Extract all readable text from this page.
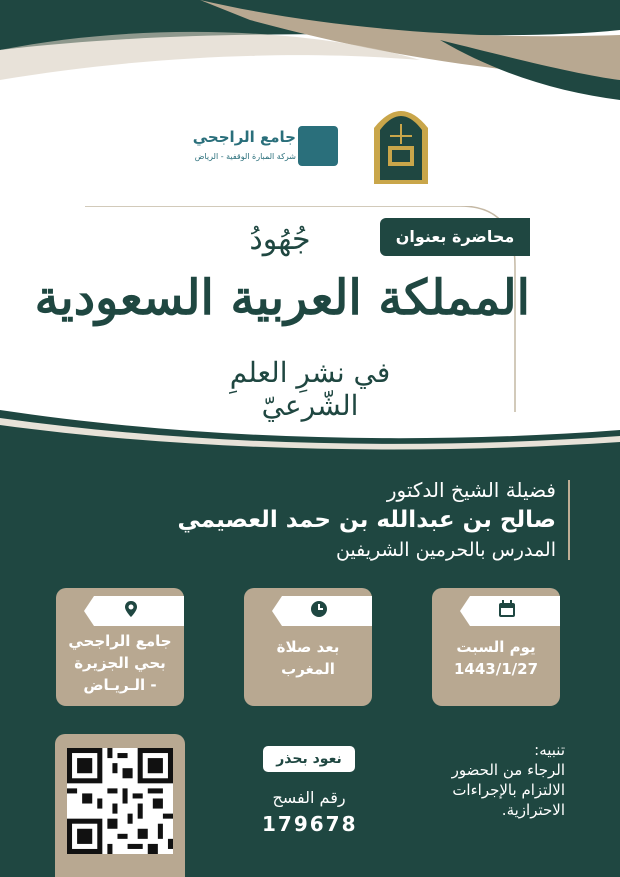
جامع الراجحي
شركة المبارة الوقفية - الرياض
محاضرة بعنوان
جُهُودُ
المملكة العربية السعودية
في نشرِ العلمِ الشّرعيّ
فضيلة الشيخ الدكتور
صالح بن عبدالله بن حمد العصيمي
المدرس بالحرمين الشريفين
يوم السبت
1443/1/27
بعد صلاة
المغرب
جامع الراجحي
بحي الجزيرة
- الـريـاض
نعود بحذر
رقم الفسح
179678
تنبيه:
الرجاء من الحضور
الالتزام بالإجراءات
الاحترازية.
